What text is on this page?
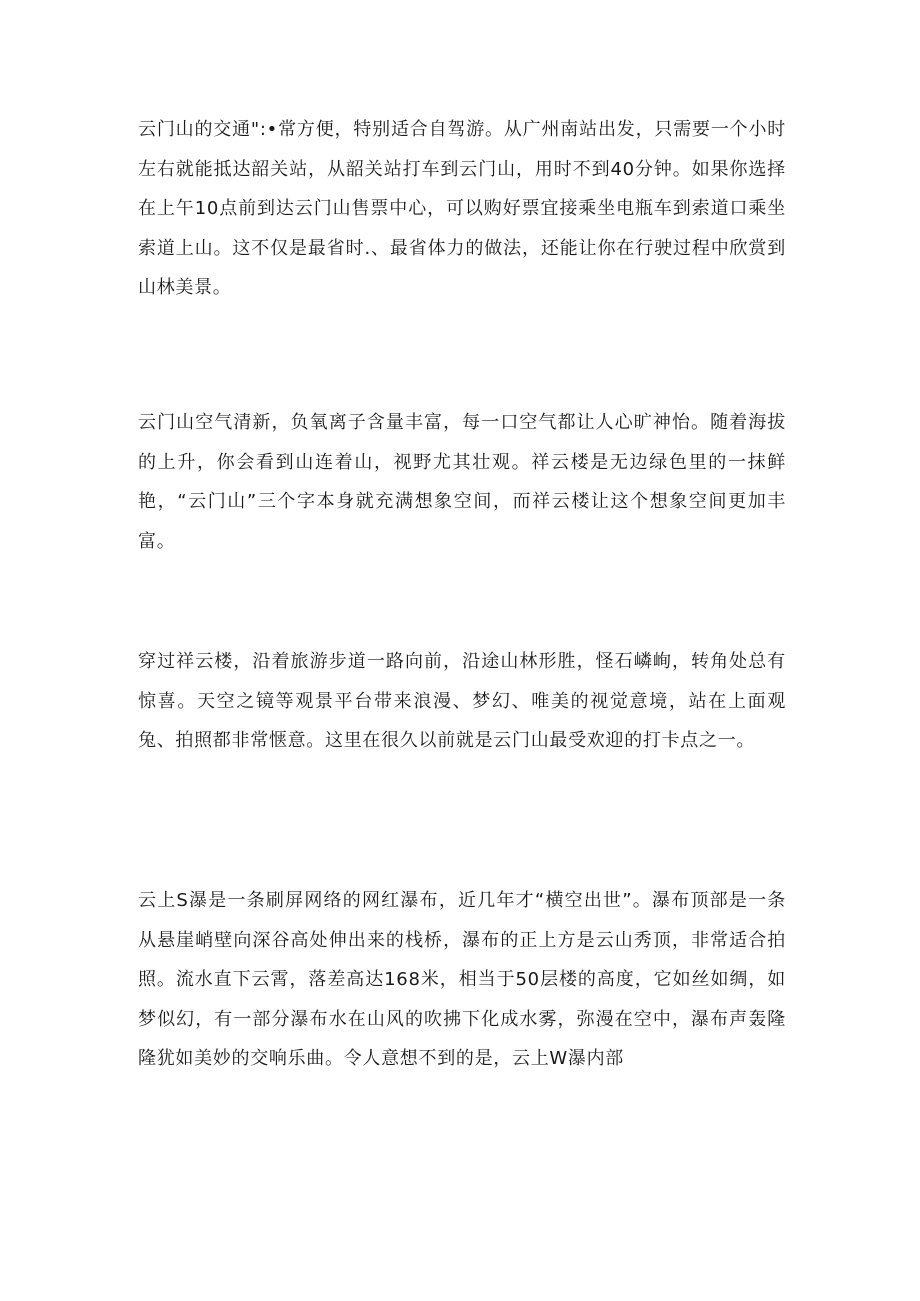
云门山的交通":•常方便，特别适合自驾游。从广州南站出发，只需要一个小时左右就能抵达韶关站，从韶关站打车到云门山，用时不到40分钟。如果你选择在上午10点前到达云门山售票中心，可以购好票宜接乘坐电瓶车到索道口乘坐索道上山。这不仅是最省时.、最省体力的做法，还能让你在行驶过程中欣赏到山林美景。

云门山空气清新，负氧离子含量丰富，每一口空气都让人心旷神怡。随着海拔的上升，你会看到山连着山，视野尤其壮观。祥云楼是无边绿色里的一抹鲜艳，“云门山”三个字本身就充满想象空间，而祥云楼让这个想象空间更加丰富。

穿过祥云楼，沿着旅游步道一路向前，沿途山林形胜，怪石嶙峋，转角处总有惊喜。天空之镜等观景平台带来浪漫、梦幻、唯美的视觉意境，站在上面观兔、拍照都非常惬意。这里在很久以前就是云门山最受欢迎的打卡点之一。

云上S瀑是一条刷屏网络的网红瀑布，近几年才“横空出世”。瀑布顶部是一条从悬崖峭壁向深谷高处伸出来的栈桥，瀑布的正上方是云山秀顶，非常适合拍照。流水直下云霄，落差高达168米，相当于50层楼的高度，它如丝如绸，如梦似幻，有一部分瀑布水在山风的吹拂下化成水雾，弥漫在空中，瀑布声轰隆隆犹如美妙的交响乐曲。令人意想不到的是，云上W瀑内部
